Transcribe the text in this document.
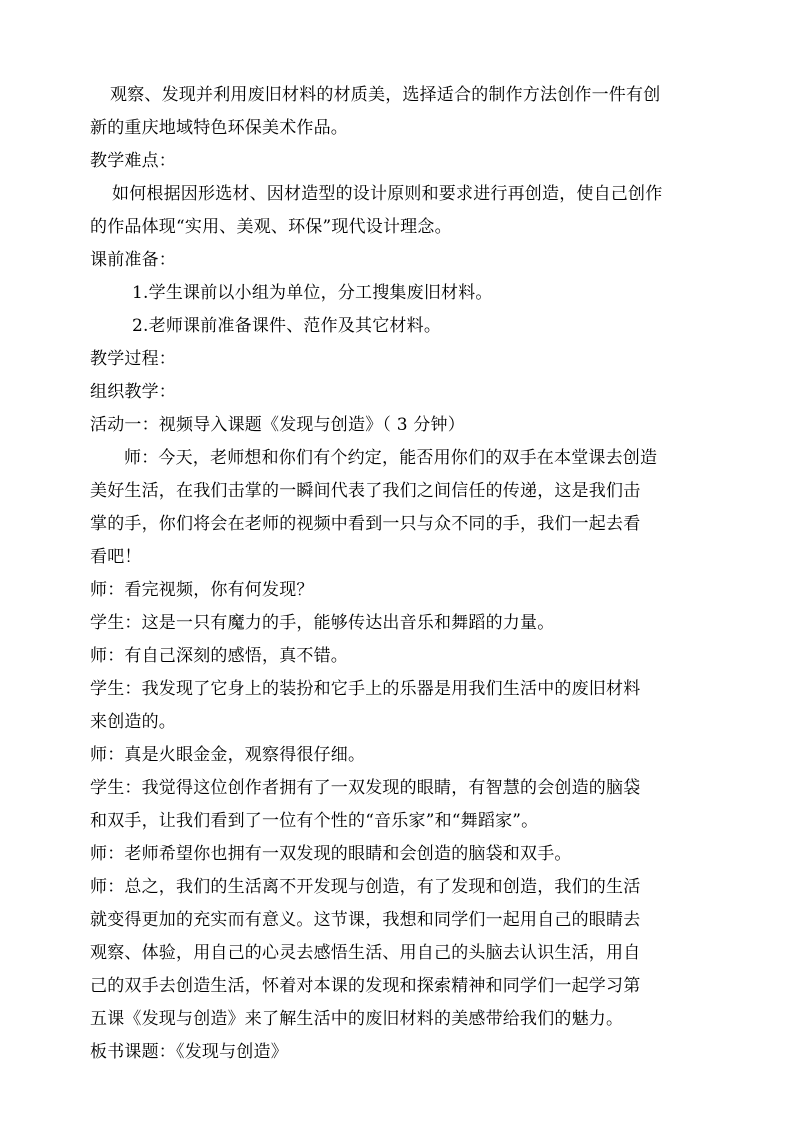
观察、发现并利用废旧材料的材质美，选择适合的制作方法创作一件有创
新的重庆地域特色环保美术作品。
教学难点：
如何根据因形选材、因材造型的设计原则和要求进行再创造，使自己创作
的作品体现“实用、美观、环保”现代设计理念。
课前准备：
1.学生课前以小组为单位，分工搜集废旧材料。
2.老师课前准备课件、范作及其它材料。
教学过程：
组织教学：
活动一：视频导入课题《发现与创造》（ 3 分钟）
师：今天，老师想和你们有个约定，能否用你们的双手在本堂课去创造
美好生活，在我们击掌的一瞬间代表了我们之间信任的传递，这是我们击
掌的手，你们将会在老师的视频中看到一只与众不同的手，我们一起去看
看吧！
师：看完视频，你有何发现？
学生：这是一只有魔力的手，能够传达出音乐和舞蹈的力量。
师：有自己深刻的感悟，真不错。
学生：我发现了它身上的装扮和它手上的乐器是用我们生活中的废旧材料
来创造的。
师：真是火眼金金，观察得很仔细。
学生：我觉得这位创作者拥有了一双发现的眼睛，有智慧的会创造的脑袋
和双手，让我们看到了一位有个性的“音乐家”和“舞蹈家”。
师：老师希望你也拥有一双发现的眼睛和会创造的脑袋和双手。
师：总之，我们的生活离不开发现与创造，有了发现和创造，我们的生活
就变得更加的充实而有意义。这节课，我想和同学们一起用自己的眼睛去
观察、体验，用自己的心灵去感悟生活、用自己的头脑去认识生活，用自
己的双手去创造生活，怀着对本课的发现和探索精神和同学们一起学习第
五课《发现与创造》来了解生活中的废旧材料的美感带给我们的魅力。
板书课题：《发现与创造》
